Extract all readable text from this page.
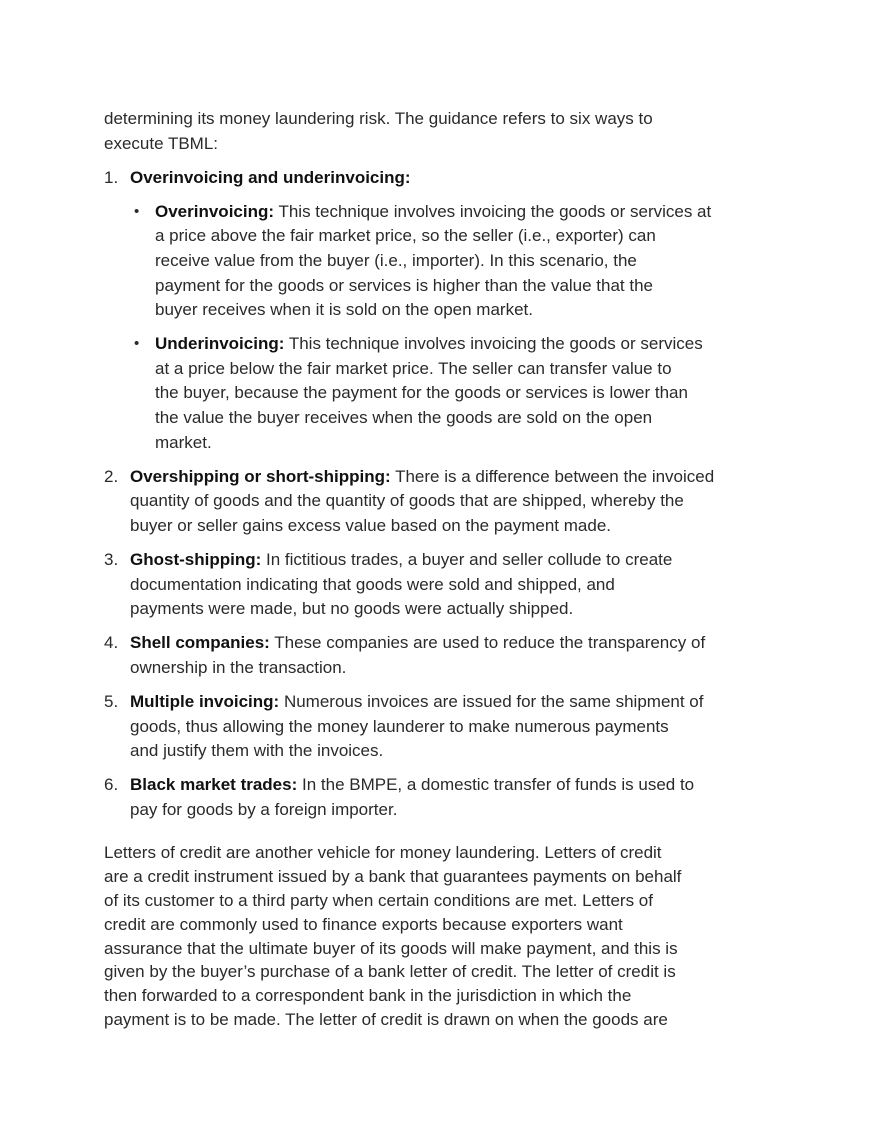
determining its money laundering risk. The guidance refers to six ways to
execute TBML:
1. Overinvoicing and underinvoicing:
• Overinvoicing: This technique involves invoicing the goods or services at
a price above the fair market price, so the seller (i.e., exporter) can
receive value from the buyer (i.e., importer). In this scenario, the
payment for the goods or services is higher than the value that the
buyer receives when it is sold on the open market.
• Underinvoicing: This technique involves invoicing the goods or services
at a price below the fair market price. The seller can transfer value to
the buyer, because the payment for the goods or services is lower than
the value the buyer receives when the goods are sold on the open
market.
2. Overshipping or short-shipping: There is a difference between the invoiced
quantity of goods and the quantity of goods that are shipped, whereby the
buyer or seller gains excess value based on the payment made.
3. Ghost-shipping: In fictitious trades, a buyer and seller collude to create
documentation indicating that goods were sold and shipped, and
payments were made, but no goods were actually shipped.
4. Shell companies: These companies are used to reduce the transparency of
ownership in the transaction.
5. Multiple invoicing: Numerous invoices are issued for the same shipment of
goods, thus allowing the money launderer to make numerous payments
and justify them with the invoices.
6. Black market trades: In the BMPE, a domestic transfer of funds is used to
pay for goods by a foreign importer.
Letters of credit are another vehicle for money laundering. Letters of credit
are a credit instrument issued by a bank that guarantees payments on behalf
of its customer to a third party when certain conditions are met. Letters of
credit are commonly used to finance exports because exporters want
assurance that the ultimate buyer of its goods will make payment, and this is
given by the buyer’s purchase of a bank letter of credit. The letter of credit is
then forwarded to a correspondent bank in the jurisdiction in which the
payment is to be made. The letter of credit is drawn on when the goods are
